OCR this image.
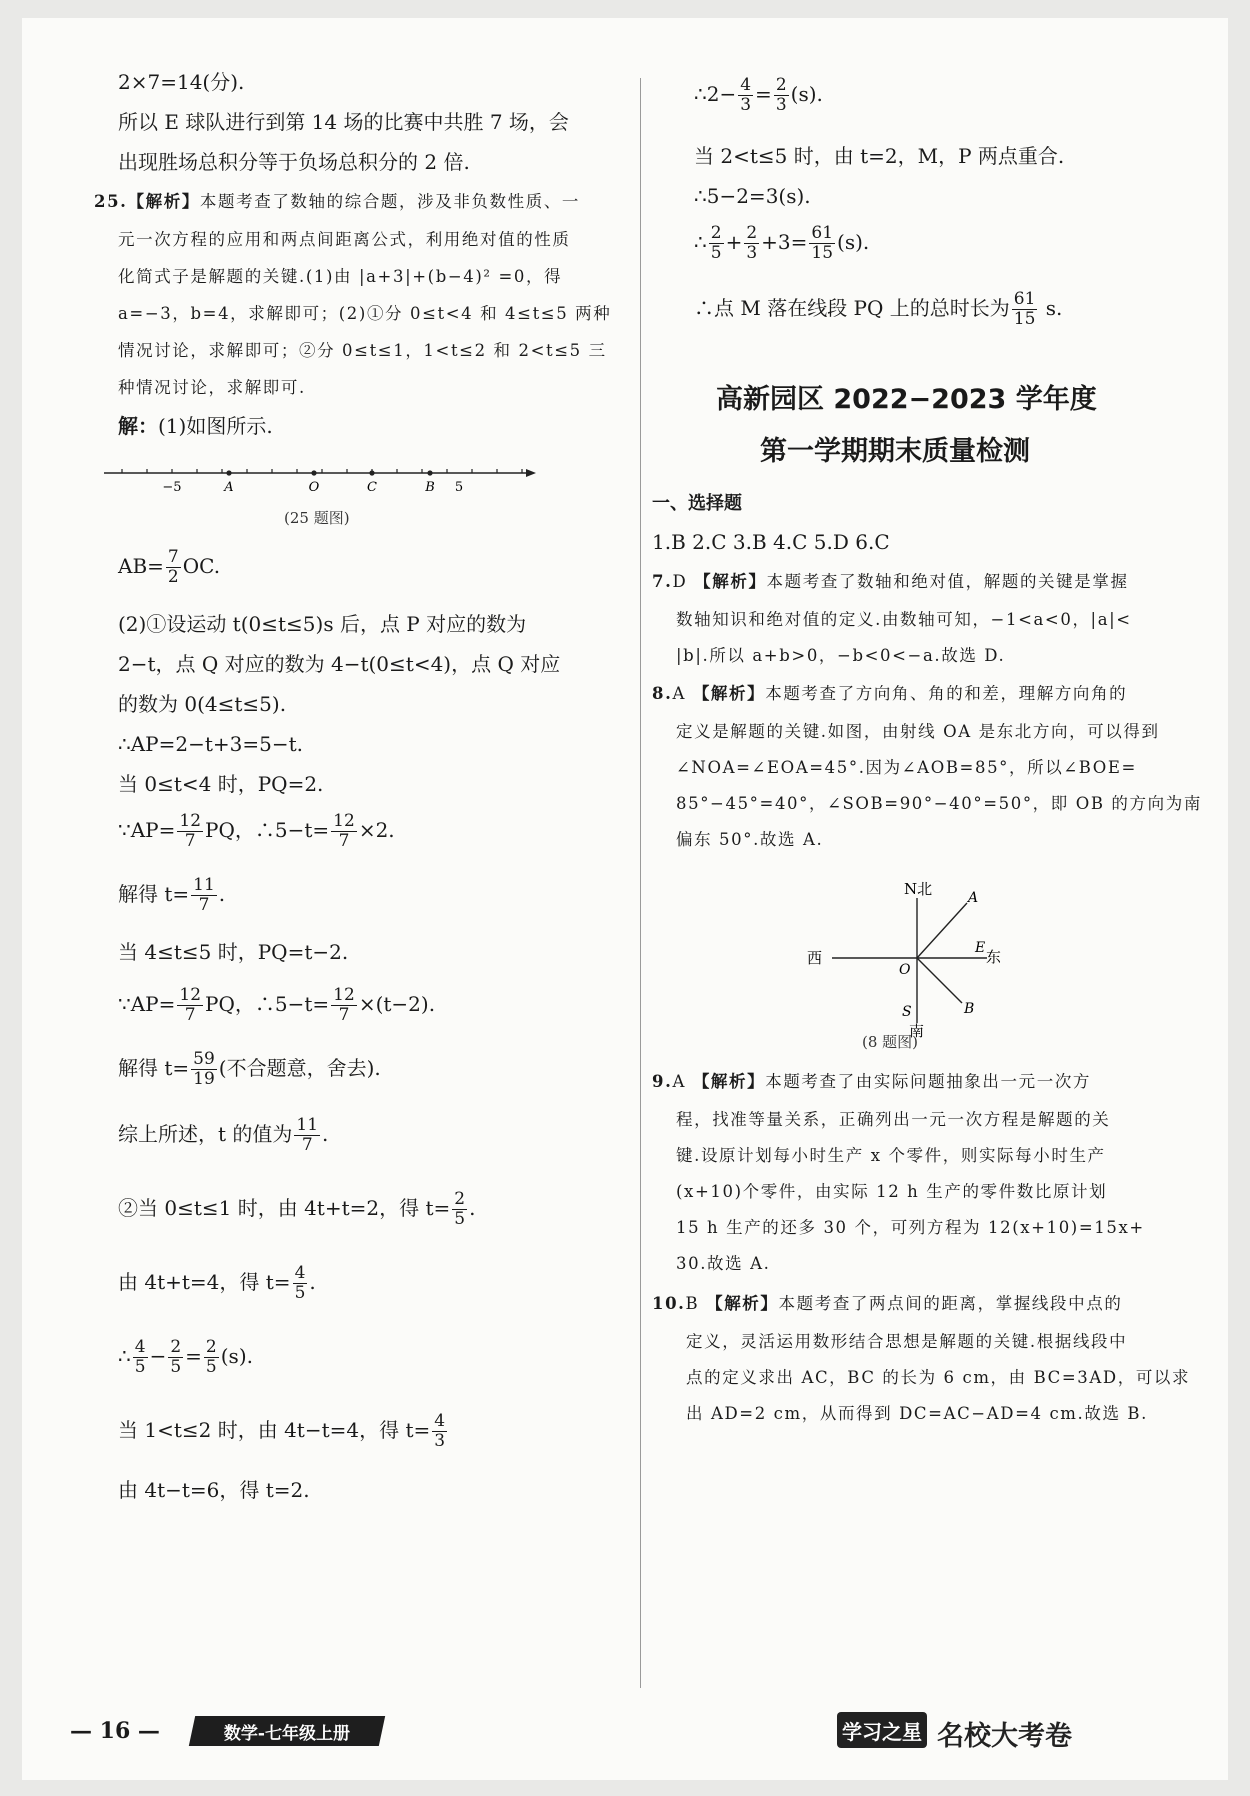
2×7=14(分).
所以 E 球队进行到第 14 场的比赛中共胜 7 场，会
出现胜场总积分等于负场总积分的 2 倍.
25.【解析】本题考查了数轴的综合题，涉及非负数性质、一
元一次方程的应用和两点间距离公式，利用绝对值的性质
化简式子是解题的关键.(1)由 |a+3|+(b−4)² =0，得
a=−3，b=4，求解即可；(2)①分 0≤t<4 和 4≤t≤5 两种
情况讨论，求解即可；②分 0≤t≤1，1<t≤2 和 2<t≤5 三
种情况讨论，求解即可.
解：(1)如图所示.
−5	A	O	C	B 5
(25 题图)
$AB= \frac{7}{2}$ OC.
(2)①设运动 t(0≤t≤5)s 后，点 P 对应的数为
2−t，点 Q 对应的数为 4−t(0≤t<4)，点 Q 对应
的数为 0(4≤t≤5).
∴AP=2−t+3=5−t.
当 0≤t<4 时，PQ=2.
∵AP= $\frac{12}{7}$ PQ，∴5−t= $\frac{12}{7} \times 2$.
解得 $t= \frac{11}{7}$ .
当 4≤t≤5 时，PQ=t−2.
∵AP= $\frac{12}{7}$ PQ，∴5−t= $\frac{12}{7} \times(t-2)$.
解得 $t= \frac{59}{19}$ (不合题意，舍去).
综上所述，t 的值为 $\frac{11}{7}$ .
②当 0≤t≤1 时，由 4t+t=2，得 $t= \frac{2}{5}$ .
由 4t+t=4，得 $t= \frac{4}{5}$ .
∴ $\frac{4}{5} - \frac{2}{5} = \frac{2}{5} (s)$.
当 1<t≤2 时，由 4t−t=4，得 $t= \frac{4}{3}$
由 4t−t=6，得 t=2.
∴2− $\frac{4}{3} = \frac{2}{3} (s)$.
当 2<t≤5 时，由 t=2，M，P 两点重合.
∴5−2=3(s).
∴ $\frac{2}{5} + \frac{2}{3} +3= \frac{61}{15} (s)$.
∴点 M 落在线段 PQ 上的总时长为 $\frac{61}{15} s$.
高新园区 2022−2023 学年度
第一学期期末质量检测
一、选择题
1.B 2.C 3.B 4.C 5.D 6.C
7.D 【解析】本题考查了数轴和绝对值，解题的关键是掌握
数轴知识和绝对值的定义.由数轴可知，−1<a<0，|a|<
|b|.所以 a+b>0，−b<0<−a.故选 D.
8.A 【解析】本题考查了方向角、角的和差，理解方向角的
定义是解题的关键.如图，由射线 OA 是东北方向，可以得到
∠NOA=∠EOA=45°.因为∠AOB=85°，所以∠BOE=
85°−45°=40°，∠SOB=90°−40°=50°，即 OB 的方向为南
偏东 50°.故选 A.
N北	A
西
E 东
O
S
南
B
(8 题图)
9.A 【解析】本题考查了由实际问题抽象出一元一次方
程，找准等量关系，正确列出一元一次方程是解题的关
键.设原计划每小时生产 x 个零件，则实际每小时生产
(x+10)个零件，由实际 12 h 生产的零件数比原计划
15 h 生产的还多 30 个，可列方程为 12(x+10)=15x+
30.故选 A.
10.B 【解析】本题考查了两点间的距离，掌握线段中点的
定义，灵活运用数形结合思想是解题的关键.根据线段中
点的定义求出 AC，BC 的长为 6 cm，由 BC=3AD，可以求
出 AD=2 cm，从而得到 DC=AC−AD=4 cm.故选 B.
— 16 —	数学-七年级上册	学习之星 名校大考卷
